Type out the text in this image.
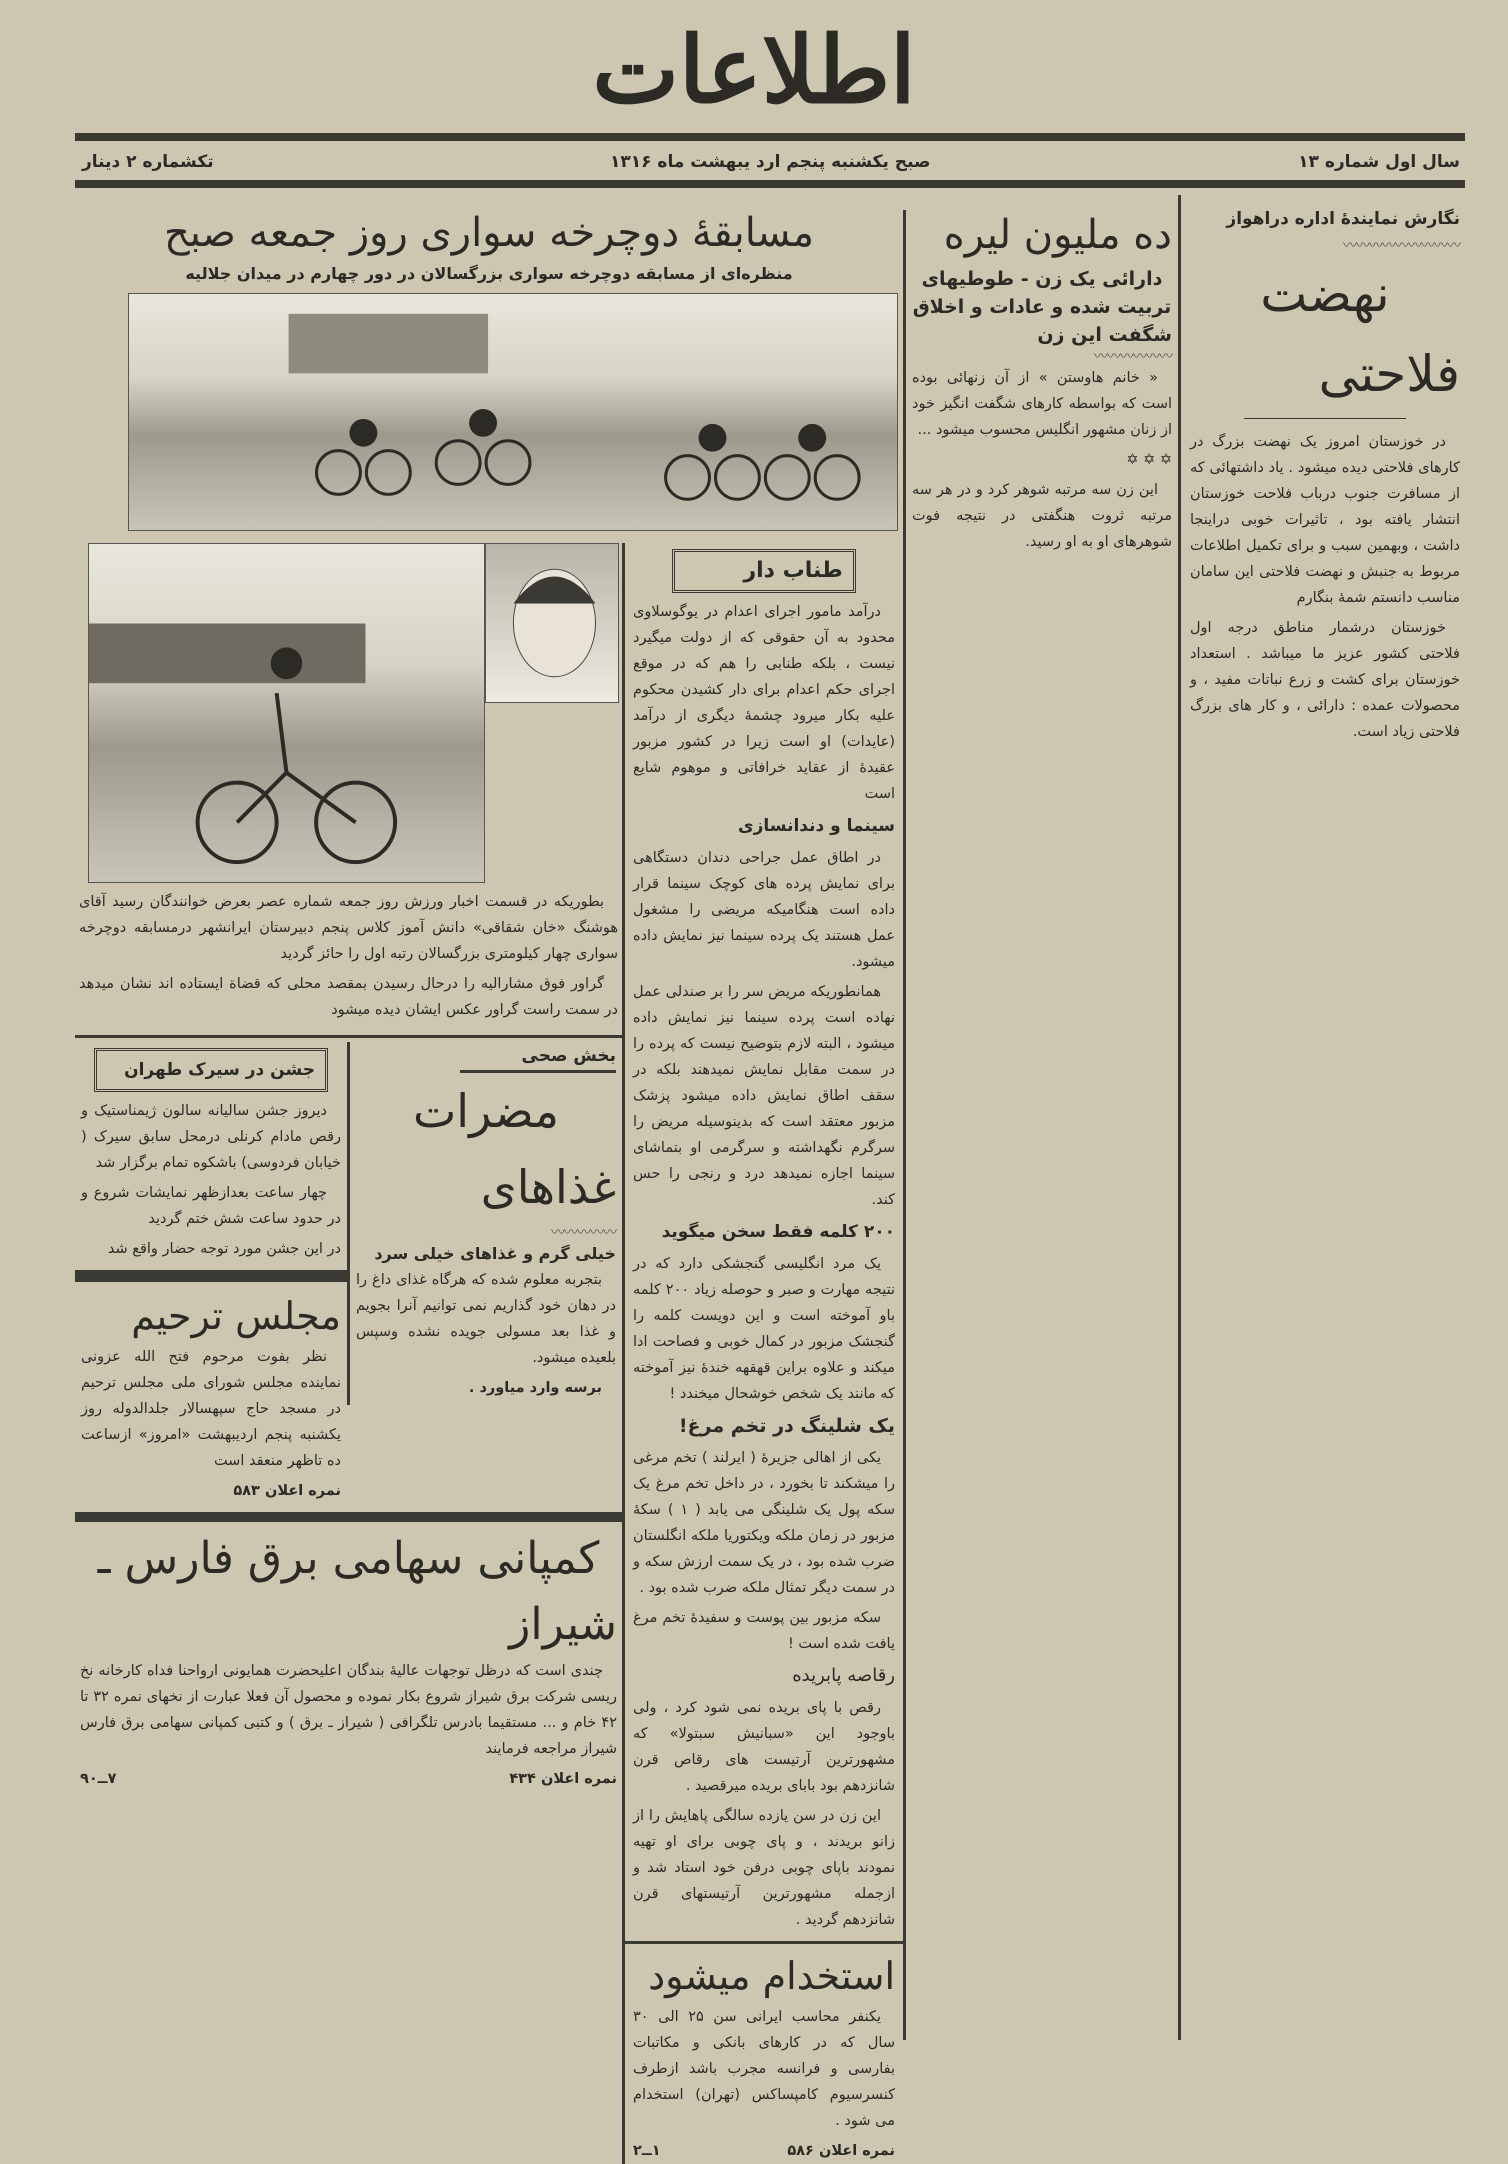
اطلاعات
سال اول شماره ۱۳
صبح یکشنبه پنجم ارد یبهشت ماه ۱۳۱۶
تکشماره ۲ دینار
نگارش نمایندهٔ اداره دراهواز
〰〰〰〰〰〰〰〰〰
نهضت فلاحتی

در خوزستان امروز یک نهضت بزرگ در کارهای فلاحتی دیده میشود . یاد داشتهائی که از مسافرت جنوب درباب فلاحت خوزستان انتشار یافته بود ، تاثیرات خوبی دراینجا داشت ، وبهمین سبب و برای تکمیل اطلاعات مربوط به جنبش و نهضت فلاحتی این سامان مناسب دانستم شمهٔ بنگارم

خوزستان درشمار مناطق درجه اول فلاحتی کشور عزیز ما میباشد . استعداد خوزستان برای کشت و زرع نباتات مفید ، و محصولات عمده : دارائی ، و کار های بزرگ فلاحتی زیاد است.

ده ملیون لیره
دارائی یک زن - طوطیهای تربیت شده و عادات و اخلاق شگفت این زن
〰〰〰〰〰〰

« خانم هاوستن » از آن زنهائی بوده است که بواسطه کارهای شگفت انگیز خود از زنان مشهور انگلیس محسوب میشود ...

✡ ✡ ✡

این زن سه مرتبه شوهر کرد و در هر سه مرتبه ثروت هنگفتی در نتیجه فوت شوهرهای او به او رسید.

مسابقهٔ دوچرخه سواری روز جمعه صبح
منظره‌ای از مسابقه دوچرخه سواری بزرگسالان در دور چهارم در میدان جلالیه
طناب دار

درآمد مامور اجرای اعدام در یوگوسلاوی محدود به آن حقوقی که از دولت میگیرد نیست ، بلکه طنابی را هم که در موقع اجرای حکم اعدام برای دار کشیدن محکوم علیه بکار میرود چشمهٔ دیگری از درآمد (عایدات) او است زیرا در کشور مزبور عقیدهٔ از عقاید خرافاتی و موهوم شایع است

سینما و دندانسازی

در اطاق عمل جراحی دندان دستگاهی برای نمایش پرده های کوچک سینما قرار داده است هنگامیکه مریضی را مشغول عمل هستند یک پرده سینما نیز نمایش داده میشود.

همانطوریکه مریض سر را بر صندلی عمل نهاده است پرده سینما نیز نمایش داده میشود ، البته لازم بتوضیح نیست که پرده را در سمت مقابل نمایش نمیدهند بلکه در سقف اطاق نمایش داده میشود پزشک مزبور معتقد است که بدینوسیله مریض را سرگرم نگهداشته و سرگرمی او بتماشای سینما اجازه نمیدهد درد و رنجی را حس کند.

۲۰۰ کلمه فقط سخن میگوید

یک مرد انگلیسی گنجشکی دارد که در نتیجه مهارت و صبر و حوصله زیاد ۲۰۰ کلمه باو آموخته است و این دویست کلمه را گنجشک مزبور در کمال خوبی و فصاحت ادا میکند و علاوه براین قهقهه خندهٔ نیز آموخته که مانند یک شخص خوشحال میخندد !

یک شلینگ در تخم مرغ!

یکی از اهالی جزیرهٔ ( ایرلند ) تخم مرغی را میشکند تا بخورد ، در داخل تخم مرغ یک سکه پول یک شلینگی می یابد ( ۱ ) سکهٔ مزبور در زمان ملکه ویکتوریا ملکه انگلستان ضرب شده بود ، در یک سمت ارزش سکه و در سمت دیگر تمثال ملکه ضرب شده بود .

سکه مزبور بین پوست و سفیدهٔ تخم مرغ یافت شده است !

رقاصه پابریده

رقص با پای بریده نمی شود کرد ، ولی باوجود این «سبانیش سبتولا» که مشهورترین آرتیست های رقاص قرن شانزدهم بود بابای بریده میرقصید .

این زن در سن یازده سالگی پاهایش را از زانو بریدند ، و پای چوبی برای او تهیه نمودند باپای چوبی درفن خود استاد شد و ازجمله مشهورترین آرتیستهای قرن شانزدهم گردید .

استخدام میشود

یکنفر محاسب ایرانی سن ۲۵ الی ۳۰ سال که در کارهای بانکی و مکاتبات بفارسی و فرانسه مجرب باشد ازطرف کنسرسیوم کامپساکس (تهران) استخدام می شود .

نمره اعلان ۵۸۶
۱ــ۲

بطوریکه در قسمت اخبار ورزش روز جمعه شماره عصر بعرض خوانندگان رسید آقای هوشنگ «خان شقاقی» دانش آموز کلاس پنجم دبیرستان ایرانشهر درمسابقه دوچرخه سواری چهار کیلومتری بزرگسالان رتبه اول را حائز گردید

گراور فوق مشارالیه را درحال رسیدن بمقصد محلی که قضاة ایستاده اند نشان میدهد در سمت راست گراور عکس ایشان دیده میشود

بخش صحی
مضرات غذاهای
〰〰〰〰〰
خیلی گرم و غذاهای خیلی سرد

بتجربه معلوم شده که هرگاه غذای داغ را در دهان خود گذاریم نمی توانیم آنرا بجویم و غذا بعد مسولی جویده نشده وسپس بلعیده میشود.

برسه وارد میاورد .

جشن در سیرک طهران

دیروز جشن سالیانه سالون ژیمناستیک و رقص مادام کرنلی درمحل سابق سیرک ( خیابان فردوسی) باشکوه تمام برگزار شد

چهار ساعت بعدازظهر نمایشات شروع و در حدود ساعت شش ختم گردید

در این جشن مورد توجه حضار واقع شد

مجلس ترحیم

نظر بفوت مرحوم فتح الله عزونی نماینده مجلس شورای ملی مجلس ترحیم در مسجد حاج سپهسالار جلدالدوله روز یکشنبه پنجم اردیبهشت «امروز» ازساعت ده تاظهر منعقد است

نمره اعلان ۵۸۳
کمپانی سهامی برق فارس ـ شیراز

چندی است که درظل توجهات عالیهٔ بندگان اعلیحضرت همایونی ارواحنا فداه کارخانه نخ ریسی شرکت برق شیراز شروع بکار نموده و محصول آن فعلا عبارت از نخهای نمره ۳۲ تا ۴۲ خام و ... مستقیما بادرس تلگرافی ( شیراز ـ برق ) و کتبی کمپانی سهامی برق فارس شیراز مراجعه فرمایند

نمره اعلان ۴۳۴
۷ــ۹۰
